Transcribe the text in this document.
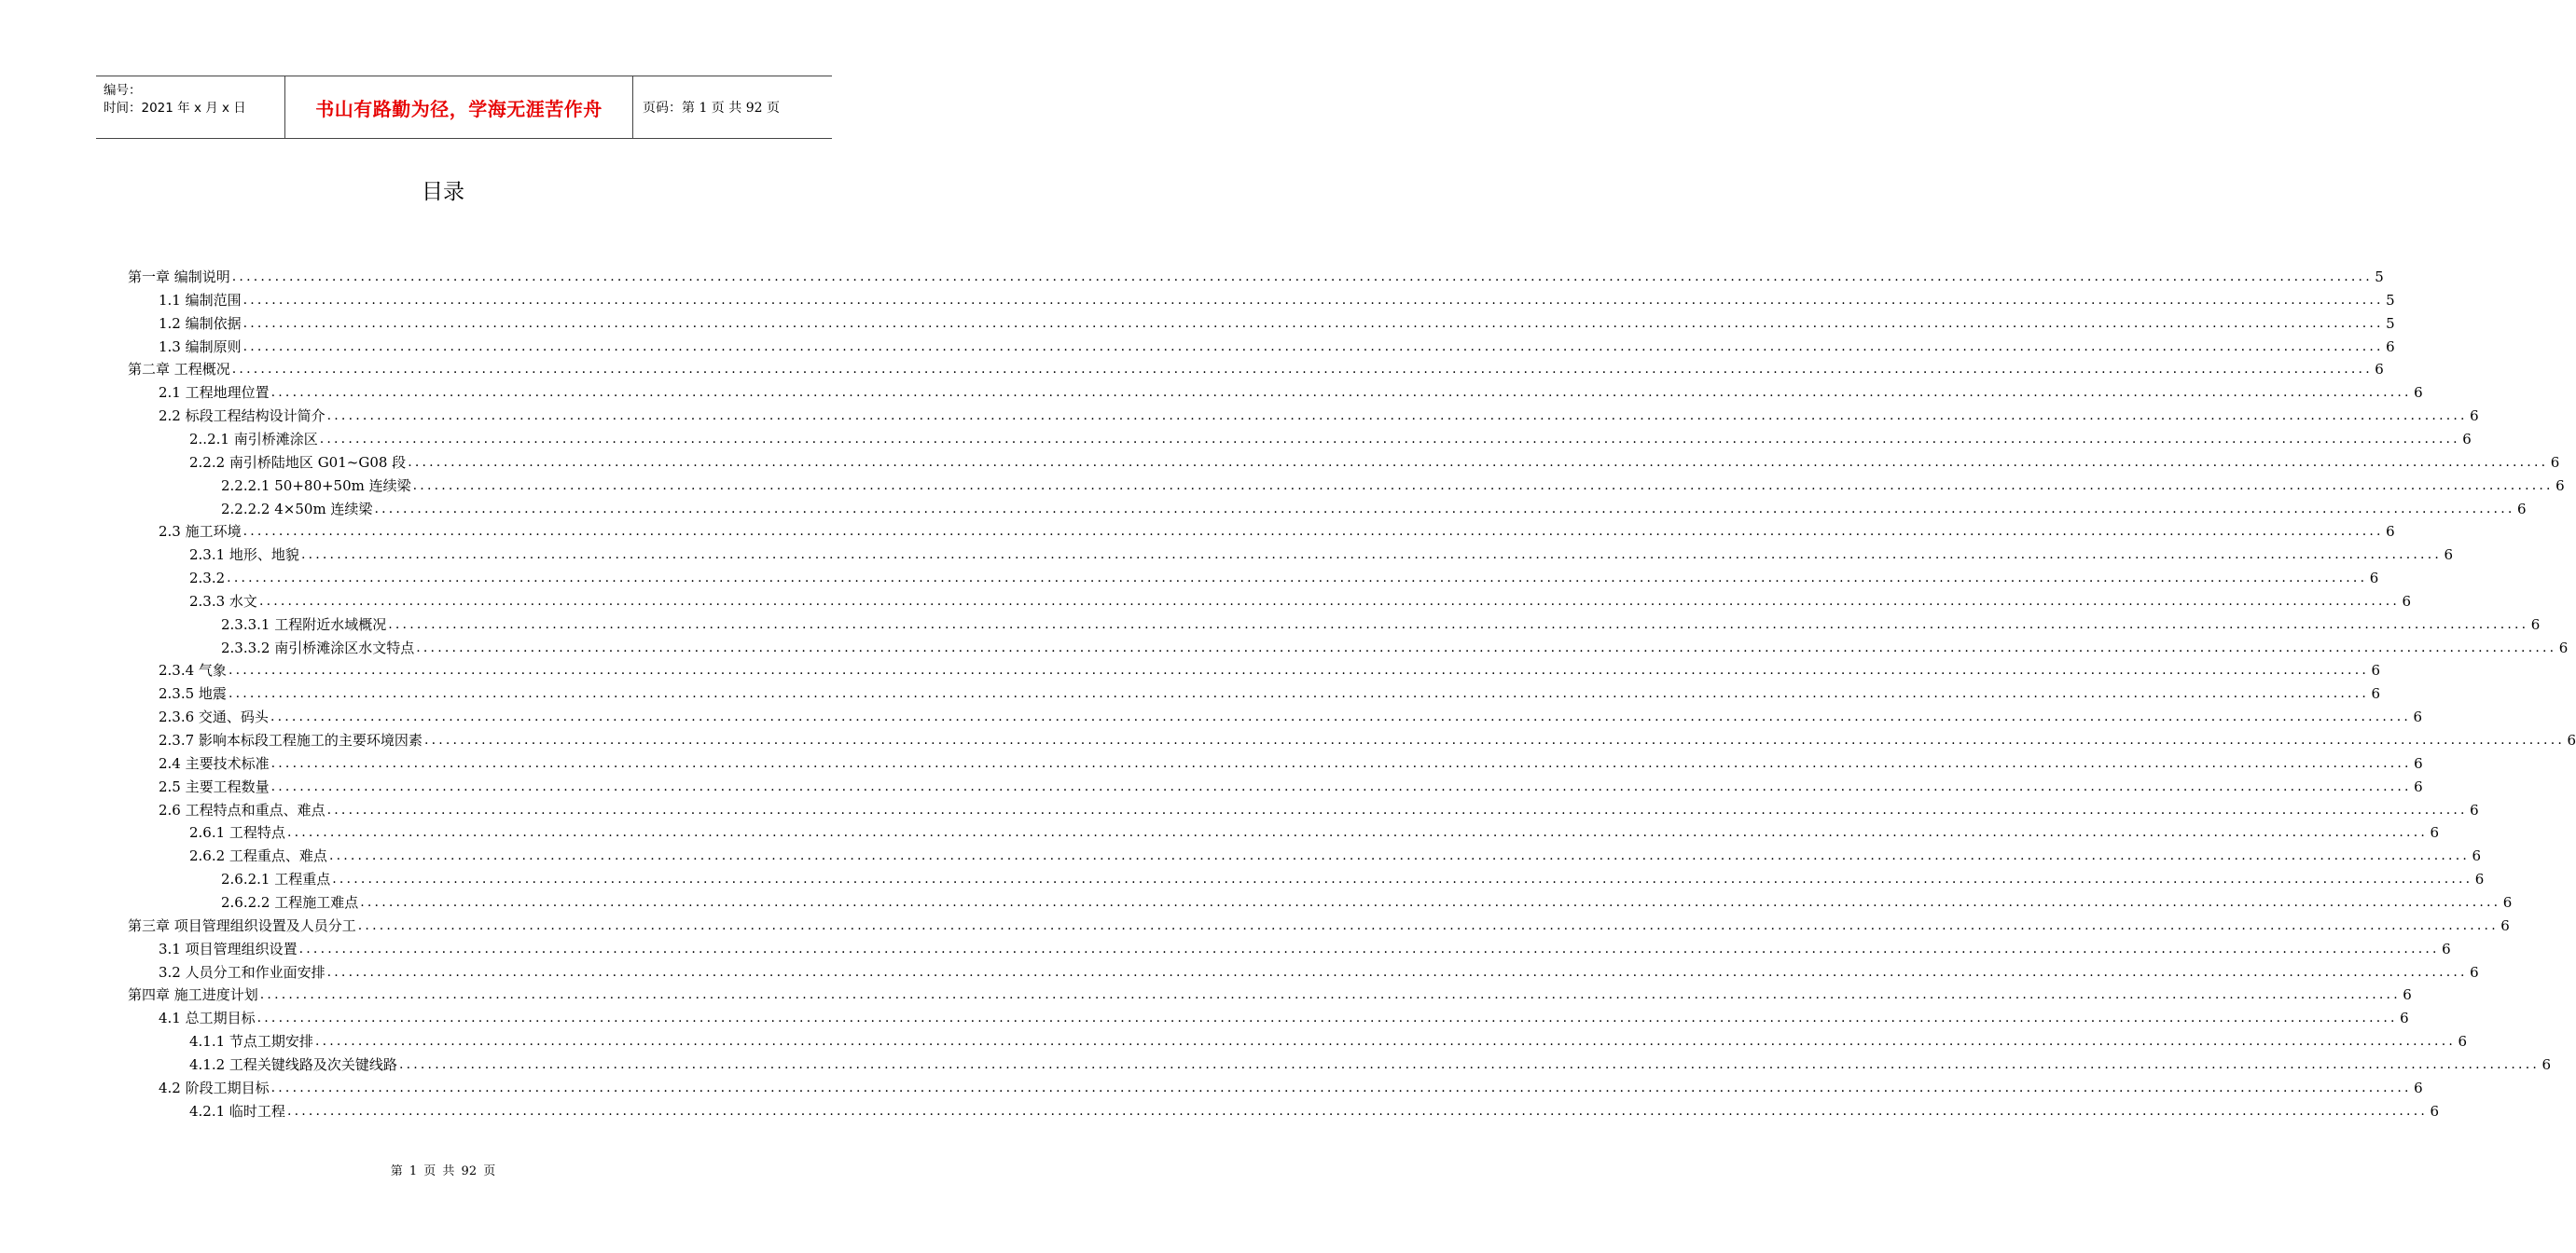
编号：
时间：2021 年 x 月 x 日	书山有路勤为径，学海无涯苦作舟	页码：第 1 页 共 92 页
目录
第一章 编制说明 ............................................................................................................................................................................................................................................................................................................ 5
1.1 编制范围 ............................................................................................................................................................................................................................................................................................................ 5
1.2 编制依据 ............................................................................................................................................................................................................................................................................................................ 5
1.3 编制原则 ............................................................................................................................................................................................................................................................................................................ 6
第二章 工程概况 ............................................................................................................................................................................................................................................................................................................ 6
2.1 工程地理位置 ............................................................................................................................................................................................................................................................................................................ 6
2.2 标段工程结构设计简介 ............................................................................................................................................................................................................................................................................................................ 6
2..2.1 南引桥滩涂区 ............................................................................................................................................................................................................................................................................................................ 6
2.2.2 南引桥陆地区 G01~G08 段 ............................................................................................................................................................................................................................................................................................................ 6
2.2.2.1 50+80+50m 连续梁 ............................................................................................................................................................................................................................................................................................................ 6
2.2.2.2 4×50m 连续梁 ............................................................................................................................................................................................................................................................................................................ 6
2.3 施工环境 ............................................................................................................................................................................................................................................................................................................ 6
2.3.1 地形、地貌 ............................................................................................................................................................................................................................................................................................................ 6
2.3.2 ............................................................................................................................................................................................................................................................................................................ 6
2.3.3 水文 ............................................................................................................................................................................................................................................................................................................ 6
2.3.3.1 工程附近水域概况 ............................................................................................................................................................................................................................................................................................................ 6
2.3.3.2 南引桥滩涂区水文特点 ............................................................................................................................................................................................................................................................................................................ 6
2.3.4 气象 ............................................................................................................................................................................................................................................................................................................ 6
2.3.5 地震 ............................................................................................................................................................................................................................................................................................................ 6
2.3.6 交通、码头 ............................................................................................................................................................................................................................................................................................................ 6
2.3.7 影响本标段工程施工的主要环境因素 ............................................................................................................................................................................................................................................................................................................ 6
2.4 主要技术标准 ............................................................................................................................................................................................................................................................................................................ 6
2.5 主要工程数量 ............................................................................................................................................................................................................................................................................................................ 6
2.6 工程特点和重点、难点 ............................................................................................................................................................................................................................................................................................................ 6
2.6.1 工程特点 ............................................................................................................................................................................................................................................................................................................ 6
2.6.2 工程重点、难点 ............................................................................................................................................................................................................................................................................................................ 6
2.6.2.1 工程重点 ............................................................................................................................................................................................................................................................................................................ 6
2.6.2.2 工程施工难点 ............................................................................................................................................................................................................................................................................................................ 6
第三章 项目管理组织设置及人员分工 ............................................................................................................................................................................................................................................................................................................ 6
3.1 项目管理组织设置 ............................................................................................................................................................................................................................................................................................................ 6
3.2 人员分工和作业面安排 ............................................................................................................................................................................................................................................................................................................ 6
第四章 施工进度计划 ............................................................................................................................................................................................................................................................................................................ 6
4.1 总工期目标 ............................................................................................................................................................................................................................................................................................................ 6
4.1.1 节点工期安排 ............................................................................................................................................................................................................................................................................................................ 6
4.1.2 工程关键线路及次关键线路 ............................................................................................................................................................................................................................................................................................................ 6
4.2 阶段工期目标 ............................................................................................................................................................................................................................................................................................................ 6
4.2.1 临时工程 ............................................................................................................................................................................................................................................................................................................ 6
第 1 页 共 92 页
